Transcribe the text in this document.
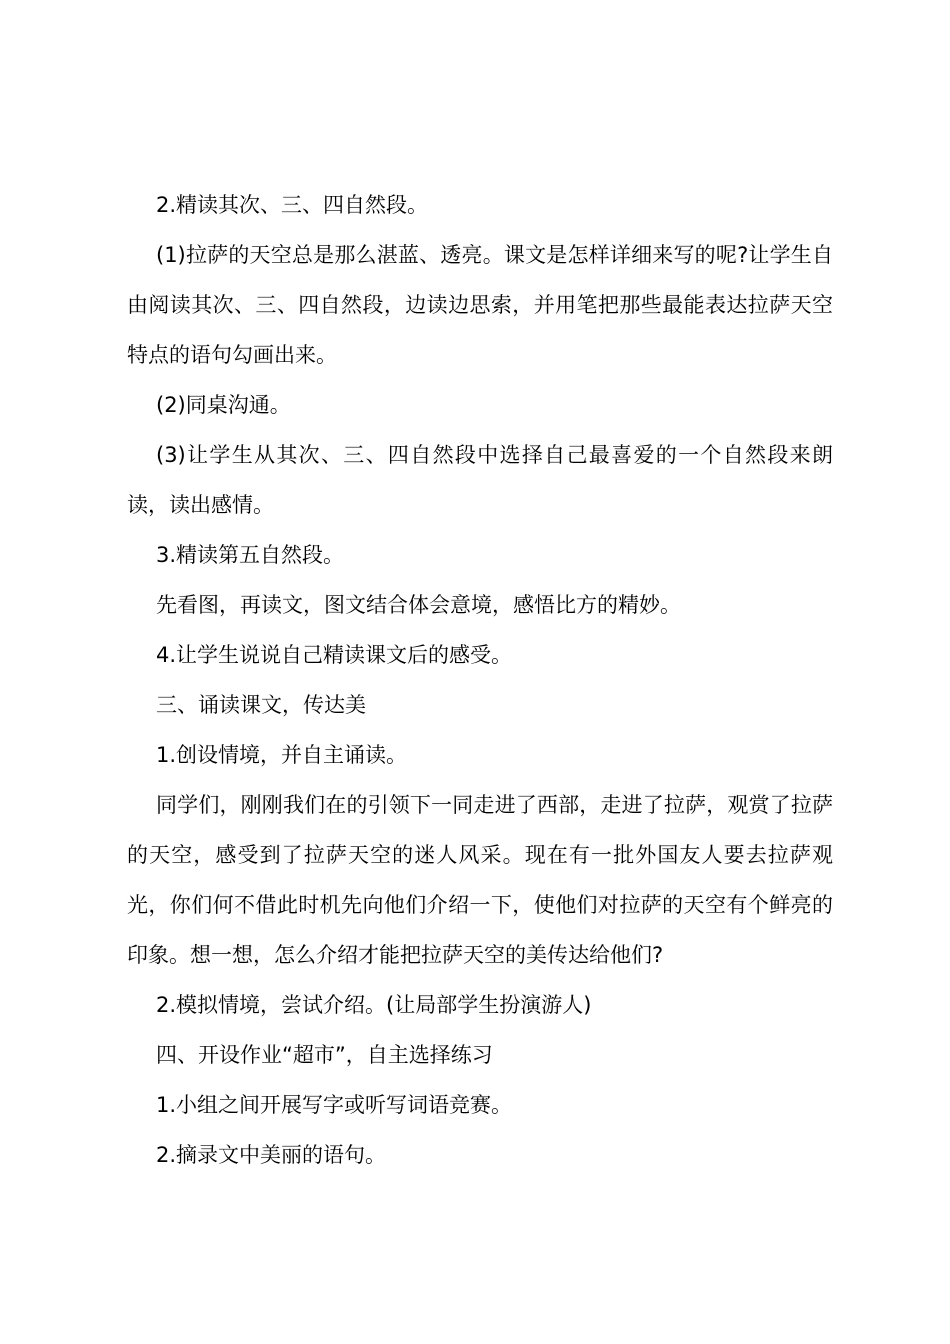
2.精读其次、三、四自然段。

(1)拉萨的天空总是那么湛蓝、透亮。课文是怎样详细来写的呢?让学生自由阅读其次、三、四自然段，边读边思索，并用笔把那些最能表达拉萨天空特点的语句勾画出来。

(2)同桌沟通。

(3)让学生从其次、三、四自然段中选择自己最喜爱的一个自然段来朗读，读出感情。

3.精读第五自然段。

先看图，再读文，图文结合体会意境，感悟比方的精妙。

4.让学生说说自己精读课文后的感受。

三、诵读课文，传达美

1.创设情境，并自主诵读。

同学们，刚刚我们在的引领下一同走进了西部，走进了拉萨，观赏了拉萨的天空，感受到了拉萨天空的迷人风采。现在有一批外国友人要去拉萨观光，你们何不借此时机先向他们介绍一下，使他们对拉萨的天空有个鲜亮的印象。想一想，怎么介绍才能把拉萨天空的美传达给他们?

2.模拟情境，尝试介绍。(让局部学生扮演游人)

四、开设作业“超市”，自主选择练习

1.小组之间开展写字或听写词语竞赛。

2.摘录文中美丽的语句。
